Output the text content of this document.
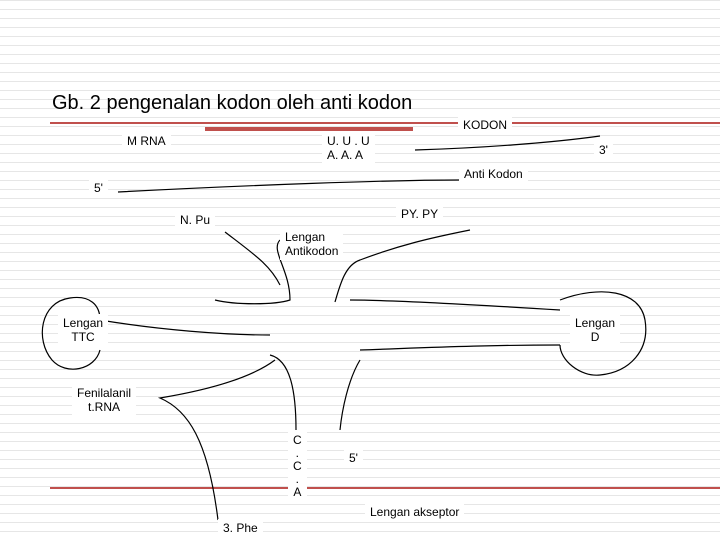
Gb. 2 pengenalan kodon oleh anti kodon
KODON
M RNA	U. U . U
A. A. A	3'
Anti Kodon
5'
PY. PY
N. Pu
Lengan
Antikodon
Lengan
TTC
Lengan
D
Fenilalanil
t.RNA
C
.
C
.
A
5'
Lengan akseptor
3. Phe
